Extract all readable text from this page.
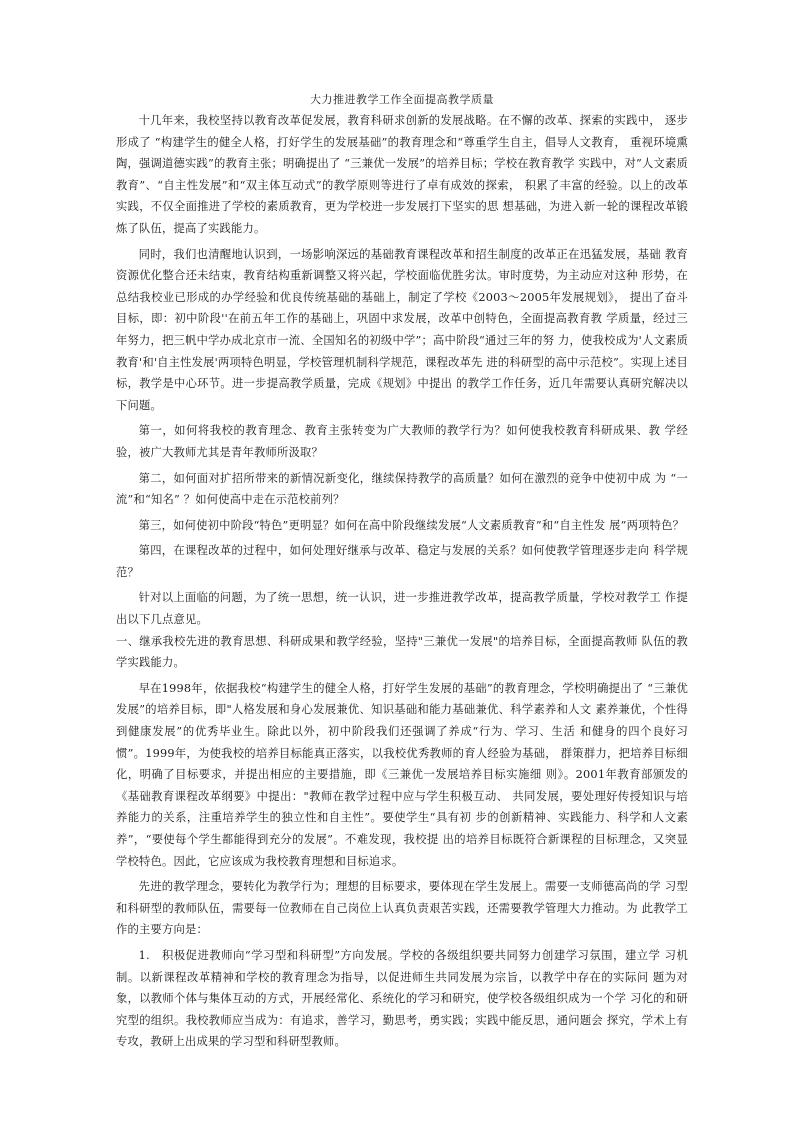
大力推进教学工作全面提高教学质量

十几年来，我校坚持以教育改革促发展，教育科研求创新的发展战略。在不懈的改革、探索的实践中， 逐步形成了 “构建学生的健全人格，打好学生的发展基础”的教育理念和“尊重学生自主，倡导人文教育， 重视环境熏陶，强调道德实践”的教育主张；明确提出了 “三兼优一发展”的培养目标；学校在教育教学 实践中，对”人文素质教育”、“自主性发展”和“双主体互动式”的教学原则等进行了卓有成效的探索， 积累了丰富的经验。以上的改革实践，不仅全面推进了学校的素质教育，更为学校进一步发展打下坚实的思 想基础，为进入新一轮的课程改革锻炼了队伍，提高了实践能力。

同时，我们也清醒地认识到，一场影响深远的基础教育课程改革和招生制度的改革正在迅猛发展，基础 教育资源优化整合还未结束，教育结构重新调整又将兴起，学校面临优胜劣汰。审时度势，为主动应对这种 形势，在总结我校业已形成的办学经验和优良传统基础的基础上，制定了学校《2003～2005年发展规划》， 提出了奋斗目标，即：初中阶段''在前五年工作的基础上，巩固中求发展，改革中创特色，全面提高教育教 学质量，经过三年努力，把三帆中学办成北京市一流、全国知名的初级中学”；高中阶段“通过三年的努 力，使我校成为'人文素质教育'和'自主性发展'两项特色明显，学校管理机制科学规范，课程改革先 进的科研型的高中示范校”。实现上述目标，教学是中心环节。进一步提高教学质量，完成《规划》中提出 的教学工作任务，近几年需要认真研究解决以下问题。

第一，如何将我校的教育理念、教育主张转变为广大教师的教学行为？如何使我校教育科研成果、教 学经验，被广大教师尤其是青年教师所汲取？

第二，如何面对扩招所带来的新情况新变化，继续保持教学的高质量？如何在激烈的竞争中使初中成 为 “一流”和“知名” ？如何使高中走在示范校前列？

第三，如何使初中阶段“特色”更明显？如何在高中阶段继续发展“人文素质教育”和“自主性发 展”两项特色？

第四，在课程改革的过程中，如何处理好继承与改革、稳定与发展的关系？如何使教学管理逐步走向 科学规范？

针对以上面临的问题，为了统一思想，统一认识，进一步推进教学改革，提高教学质量，学校对教学工 作提出以下几点意见。

一、继承我校先进的教育思想、科研成果和教学经验，坚持"三兼优一发展"的培养目标，全面提高教师 队伍的教学实践能力。

早在1998年，依据我校“构建学生的健全人格，打好学生发展的基础”的教育理念，学校明确提出了 “三兼优 发展”的培养目标，即"人格发展和身心发展兼优、知识基础和能力基础兼优、科学素养和人文 素养兼优，个性得到健康发展”的优秀毕业生。除此以外，初中阶段我们还强调了养成“行为、学习、生活 和健身的四个良好习惯”。1999年，为使我校的培养目标能真正落实，以我校优秀教师的育人经验为基础， 群策群力，把培养目标细化，明确了目标要求，并提出相应的主要措施，即《三兼优一发展培养目标实施细 则》。2001年教育部颁发的《基础教育课程改革纲要》中提出："教师在教学过程中应与学生积极互动、 共同发展，要处理好传授知识与培养能力的关系，注重培养学生的独立性和自主性”。要使学生“具有初 步的创新精神、实践能力、科学和人文素养”，“要使每个学生都能得到充分的发展”。不难发现，我校提 出的培养目标既符合新课程的目标理念，又突显学校特色。因此，它应该成为我校教育理想和目标追求。

先进的教学理念，要转化为教学行为；理想的目标要求，要体现在学生发展上。需要一支师德高尚的学 习型和科研型的教师队伍，需要每一位教师在自己岗位上认真负责艰苦实践，还需要教学管理大力推动。为 此教学工作的主要方向是：

1.　积极促进教师向“学习型和科研型”方向发展。学校的各级组织要共同努力创建学习氛围，建立学 习机制。以新课程改革精神和学校的教育理念为指导，以促进师生共同发展为宗旨，以教学中存在的实际问 题为对象，以教师个体与集体互动的方式，开展经常化、系统化的学习和研究，使学校各级组织成为一个学 习化的和研究型的组织。我校教师应当成为：有追求，善学习，勤思考，勇实践；实践中能反思，通问题会 探究，学术上有专攻，教研上出成果的学习型和科研型教师。
